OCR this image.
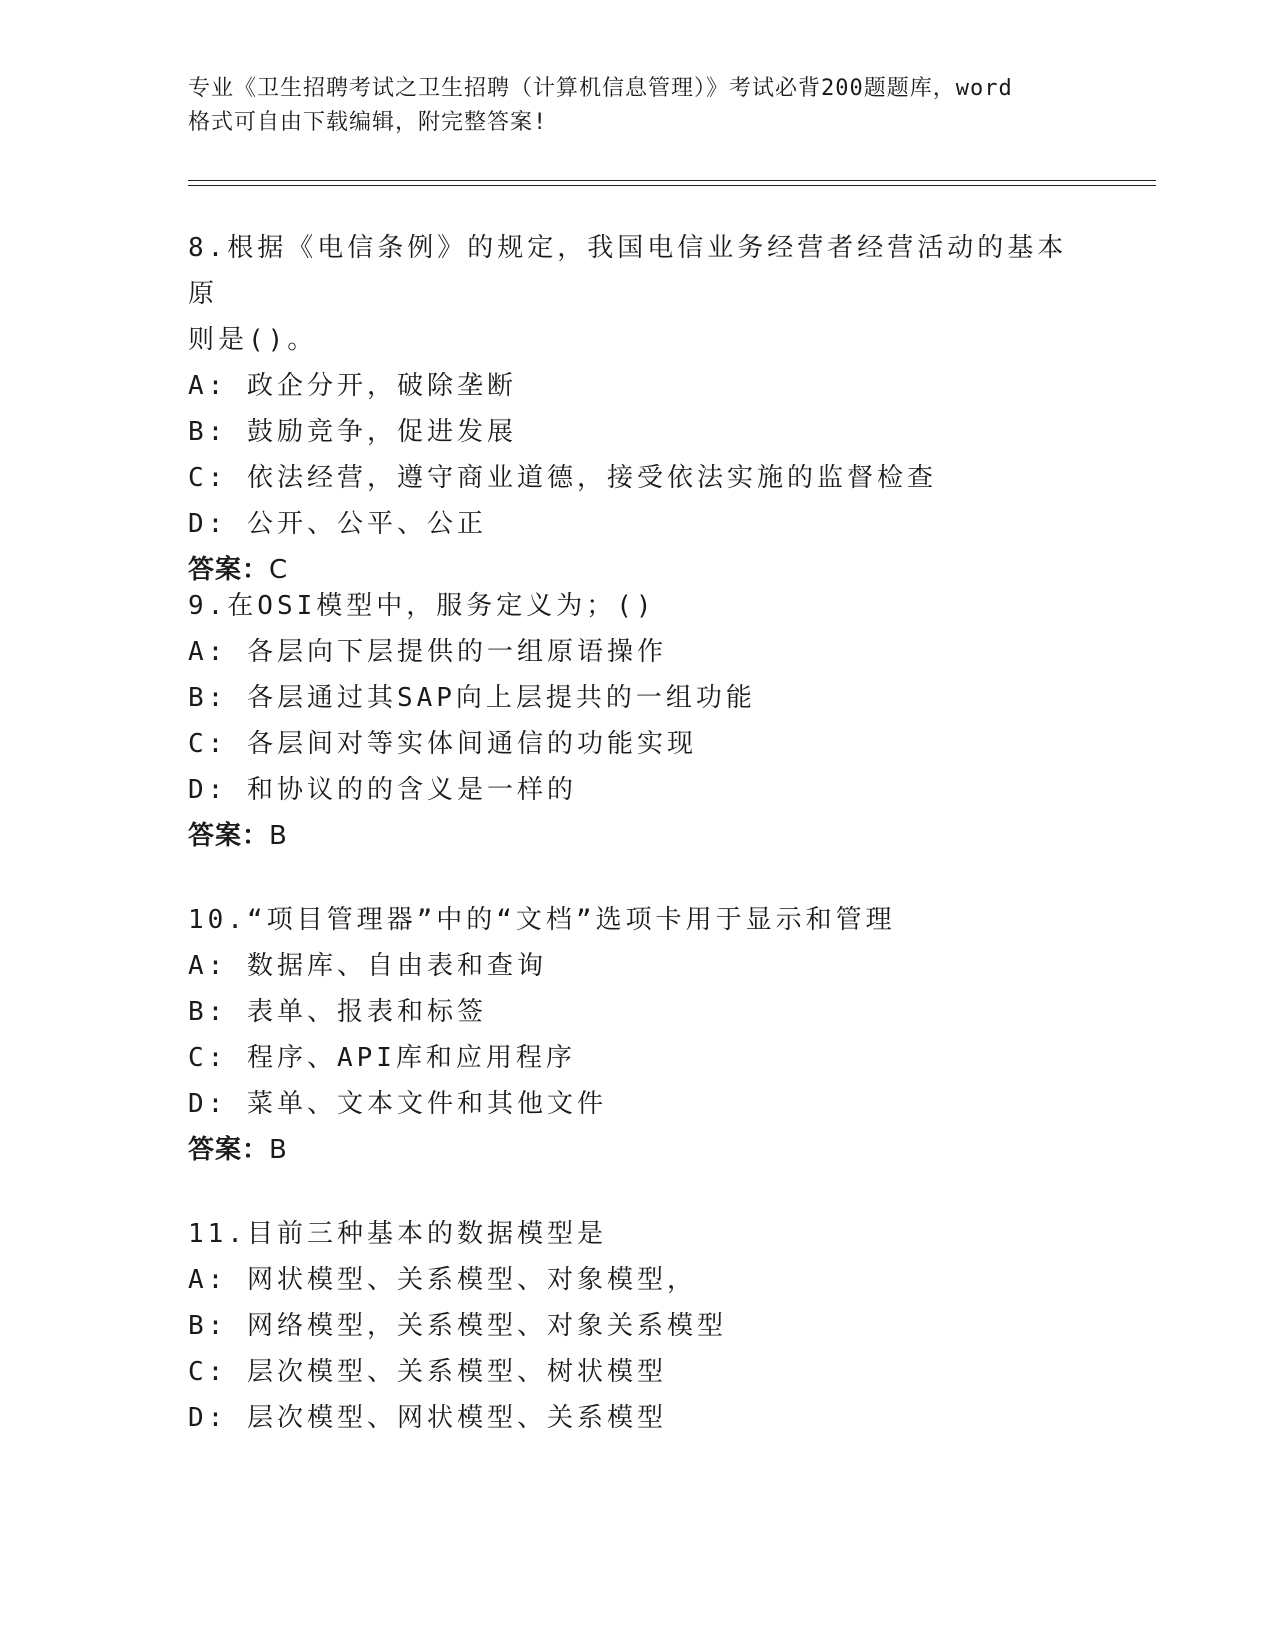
专业《卫生招聘考试之卫生招聘（计算机信息管理）》考试必背200题题库，word
格式可自由下载编辑，附完整答案!

8.根据《电信条例》的规定，我国电信业务经营者经营活动的基本原

则是()。

A: 政企分开，破除垄断

B: 鼓励竞争，促进发展

C: 依法经营，遵守商业道德，接受依法实施的监督检查

D: 公开、公平、公正

答案：C

9.在OSI模型中，服务定义为；()

A: 各层向下层提供的一组原语操作

B: 各层通过其SAP向上层提共的一组功能

C: 各层间对等实体间通信的功能实现

D: 和协议的的含义是一样的

答案：B

10.“项目管理器”中的“文档”选项卡用于显示和管理

A: 数据库、自由表和查询

B: 表单、报表和标签

C: 程序、API库和应用程序

D: 菜单、文本文件和其他文件

答案：B

11.目前三种基本的数据模型是

A: 网状模型、关系模型、对象模型，

B: 网络模型，关系模型、对象关系模型

C: 层次模型、关系模型、树状模型

D: 层次模型、网状模型、关系模型
